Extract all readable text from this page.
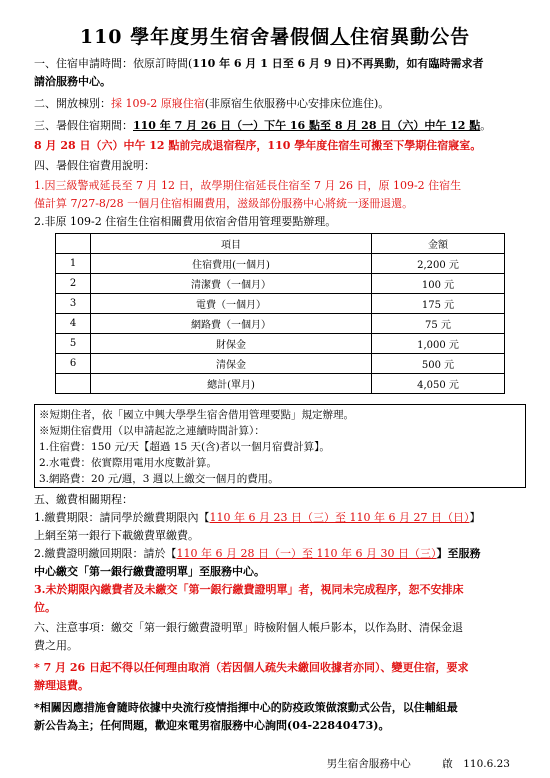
110 學年度男生宿舍暑假個人住宿異動公告
一、住宿申請時間：依原訂時間(110 年 6 月 1 日至 6 月 9 日)不再異動，如有臨時需求者
請洽服務中心。
二、開放棟別：採 109-2 原寢住宿(非原宿生依服務中心安排床位進住)。
三、暑假住宿期間：110 年 7 月 26 日（一）下午 16 點至 8 月 28 日（六）中午 12 點。
8 月 28 日（六）中午 12 點前完成退宿程序，110 學年度住宿生可搬至下學期住宿寢室。
四、暑假住宿費用說明：
1.因三級警戒延長至 7 月 12 日，故學期住宿延長住宿至 7 月 26 日，原 109-2 住宿生
僅計算 7/27-8/28 一個月住宿相關費用，滋級部份服務中心將統一逐冊退還。
2.非原 109-2 住宿生住宿相關費用依宿舍借用管理要點辦理。
	項目	金額
1	住宿費用(一個月)	2,200 元
2	清潔費（一個月）	100 元
3	電費（一個月）	175 元
4	網路費（一個月）	75 元
5	財保金	1,000 元
6	清保金	500 元
	總計(單月)	4,050 元
※短期住者，依「國立中興大學學生宿舍借用管理要點」規定辦理。
※短期住宿費用（以申請起訖之連續時間計算）：
1.住宿費：150 元/天【超過 15 天(含)者以一個月宿費計算】。
2.水電費：依實際用電用水度數計算。
3.網路費：20 元/週，3 週以上繳交一個月的費用。
五、繳費相關期程：
1.繳費期限：請同學於繳費期限內【110 年 6 月 23 日（三）至 110 年 6 月 27 日（日）】
上網至第一銀行下載繳費單繳費。
2.繳費證明繳回期限：請於【110 年 6 月 28 日（一）至 110 年 6 月 30 日（三）】至服務
中心繳交「第一銀行繳費證明單」至服務中心。
3.未於期限內繳費者及未繳交「第一銀行繳費證明單」者，視同未完成程序，恕不安排床
位。
六、注意事項：繳交「第一銀行繳費證明單」時檢附個人帳戶影本，以作為財、清保金退
費之用。
* 7 月 26 日起不得以任何理由取消（若因個人疏失未繳回收據者亦同）、變更住宿，要求
辦理退費。
*相關因應措施會隨時依據中央流行疫情指揮中心的防疫政策做滾動式公告，以住輔組最
新公告為主；任何問題，歡迎來電男宿服務中心詢問(04-22840473)。
男生宿舍服務中心　　　	啟　110.6.23
